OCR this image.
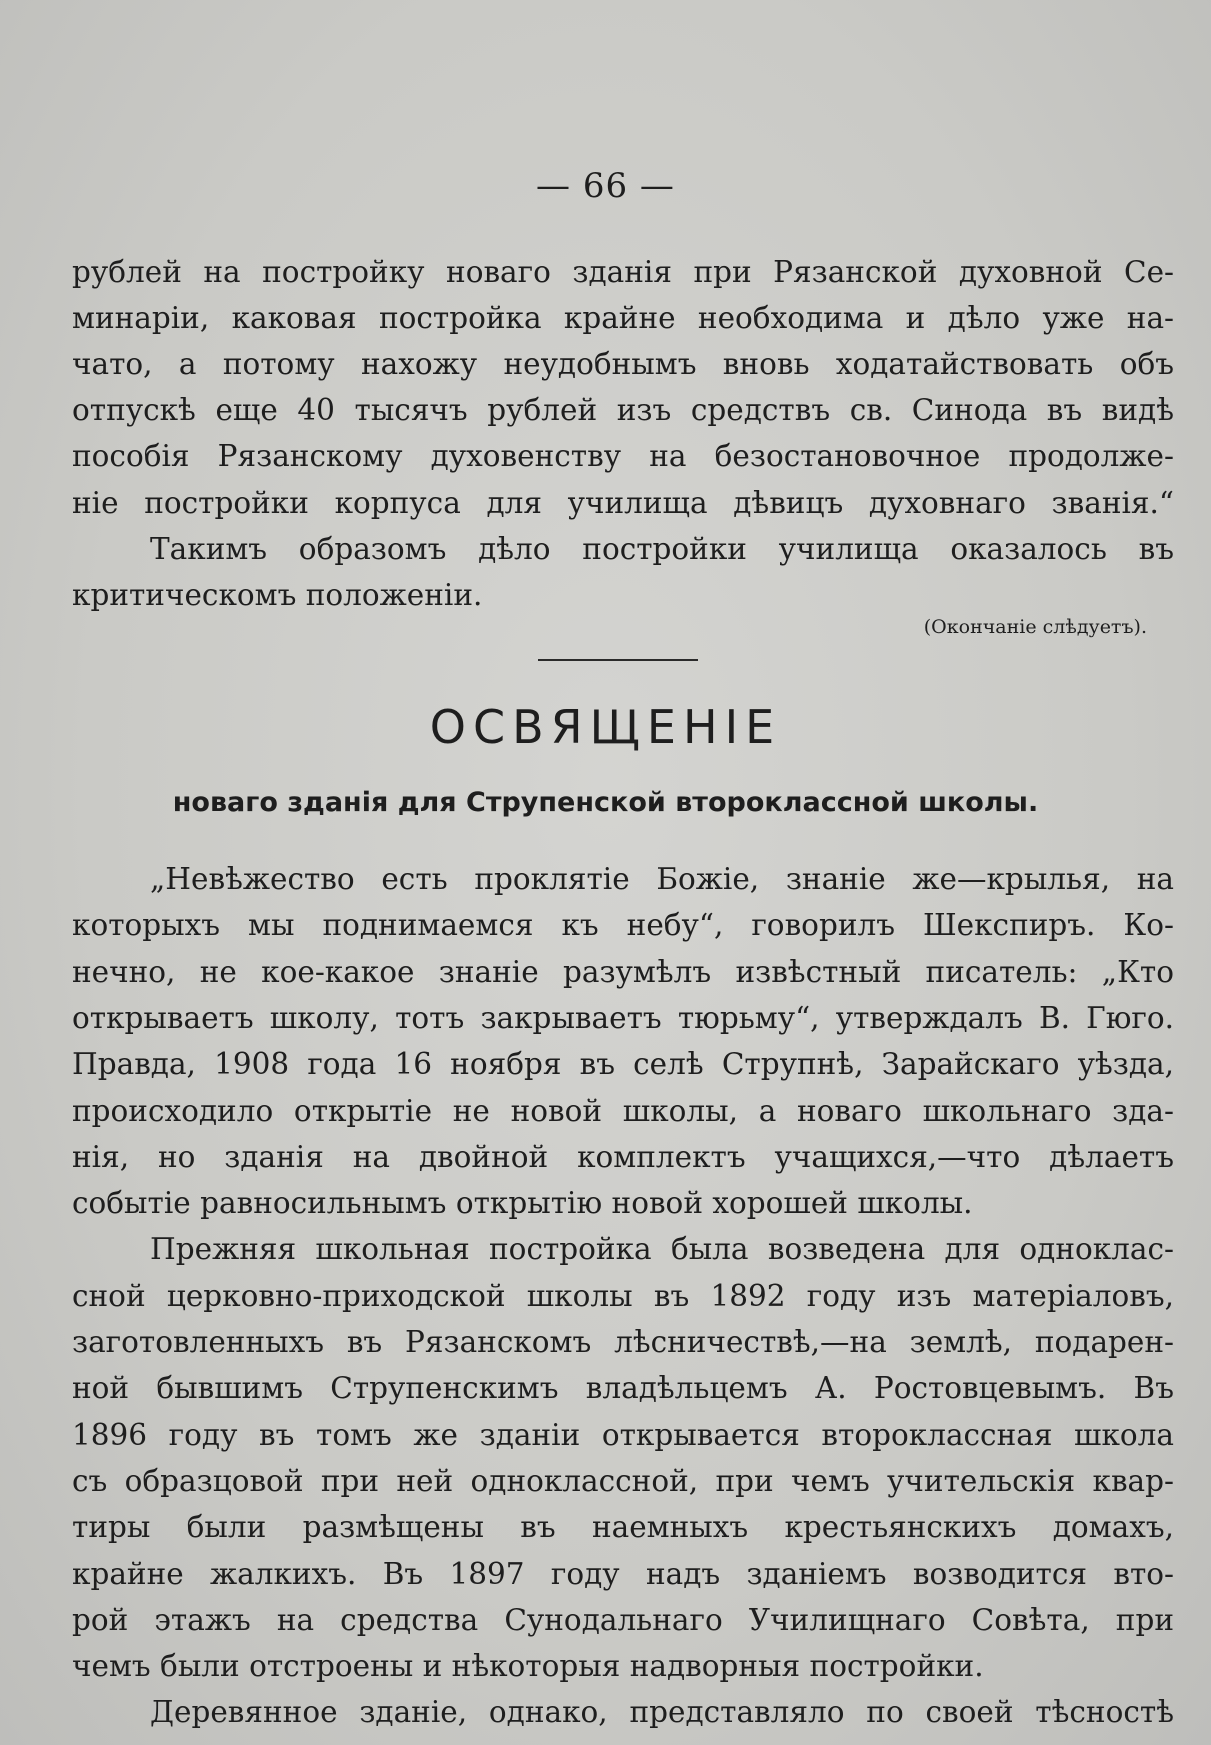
— 66 —
рублей на постройку новаго зданія при Рязанской духовной Се-
минаріи, каковая постройка крайне необходима и дѣло уже на-
чато, а потому нахожу неудобнымъ вновь ходатайствовать объ
отпускѣ еще 40 тысячъ рублей изъ средствъ св. Синода въ видѣ
пособія Рязанскому духовенству на безостановочное продолже-
ніе постройки корпуса для училища дѣвицъ духовнаго званія.“
Такимъ образомъ дѣло постройки училища оказалось въ
критическомъ положеніи.
(Окончаніе слѣдуетъ).
ОСВЯЩЕНІЕ
новаго зданія для Струпенской второклассной школы.
„Невѣжество есть проклятіе Божіе, знаніе же—крылья, на
которыхъ мы поднимаемся къ небу“, говорилъ Шекспиръ. Ко-
нечно, не кое-какое знаніе разумѣлъ извѣстный писатель: „Кто
открываетъ школу, тотъ закрываетъ тюрьму“, утверждалъ В. Гюго.
Правда, 1908 года 16 ноября въ селѣ Струпнѣ, Зарайскаго уѣзда,
происходило открытіе не новой школы, а новаго школьнаго зда-
нія, но зданія на двойной комплектъ учащихся,—что дѣлаетъ
событіе равносильнымъ открытію новой хорошей школы.
Прежняя школьная постройка была возведена для одноклас-
сной церковно-приходской школы въ 1892 году изъ матеріаловъ,
заготовленныхъ въ Рязанскомъ лѣсничествѣ,—на землѣ, подарен-
ной бывшимъ Струпенскимъ владѣльцемъ А. Ростовцевымъ. Въ
1896 году въ томъ же зданіи открывается второклассная школа
съ образцовой при ней одноклассной, при чемъ учительскія квар-
тиры были размѣщены въ наемныхъ крестьянскихъ домахъ,
крайне жалкихъ. Въ 1897 году надъ зданіемъ возводится вто-
рой этажъ на средства Сунодальнаго Училищнаго Совѣта, при
чемъ были отстроены и нѣкоторыя надворныя постройки.
Деревянное зданіе, однако, представляло по своей тѣсностѣ
